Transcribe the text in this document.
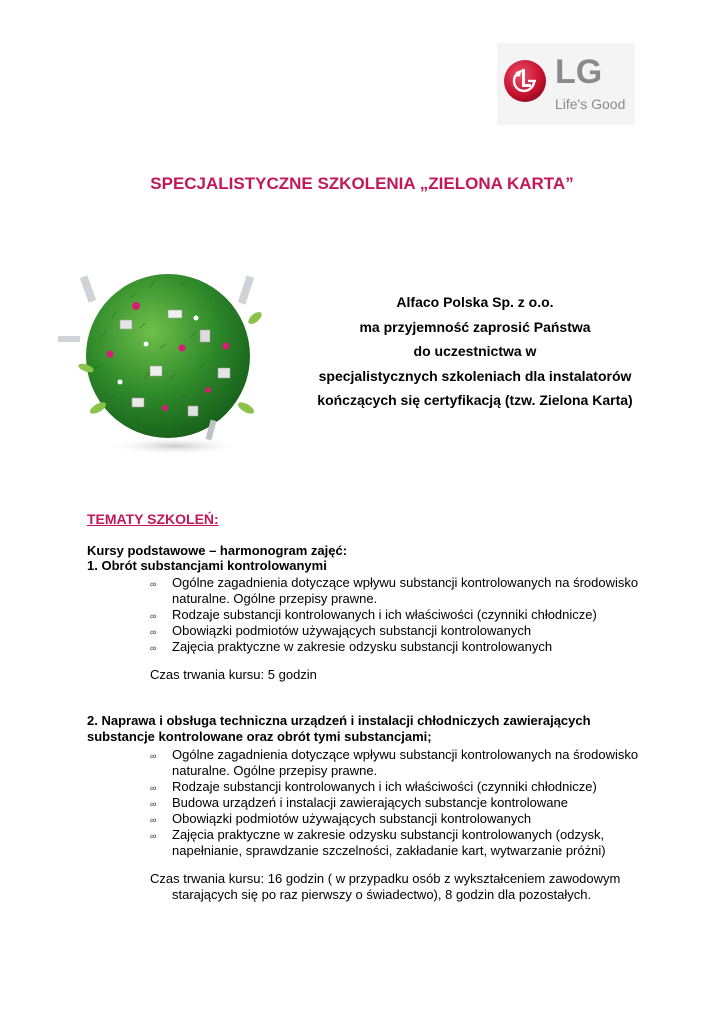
LG
Life's Good
SPECJALISTYCZNE SZKOLENIA „ZIELONA KARTA”
Alfaco Polska Sp. z o.o.
ma przyjemność zaprosić Państwa
do uczestnictwa w
specjalistycznych szkoleniach dla instalatorów
kończących się certyfikacją (tzw. Zielona Karta)
TEMATY SZKOLEŃ:
Kursy podstawowe – harmonogram zajęć:
1. Obrót substancjami kontrolowanymi
∞ Ogólne zagadnienia dotyczące wpływu substancji kontrolowanych na środowisko naturalne. Ogólne przepisy prawne.
∞ Rodzaje substancji kontrolowanych i ich właściwości (czynniki chłodnicze)
∞ Obowiązki podmiotów używających substancji kontrolowanych
∞ Zajęcia praktyczne w zakresie odzysku substancji kontrolowanych
Czas trwania kursu: 5 godzin
2. Naprawa i obsługa techniczna urządzeń i instalacji chłodniczych zawierających substancje kontrolowane oraz obrót tymi substancjami;
∞ Ogólne zagadnienia dotyczące wpływu substancji kontrolowanych na środowisko naturalne. Ogólne przepisy prawne.
∞ Rodzaje substancji kontrolowanych i ich właściwości (czynniki chłodnicze)
∞ Budowa urządzeń i instalacji zawierających substancje kontrolowane
∞ Obowiązki podmiotów używających substancji kontrolowanych
∞ Zajęcia praktyczne w zakresie odzysku substancji kontrolowanych (odzysk, napełnianie, sprawdzanie szczelności, zakładanie kart, wytwarzanie próżni)
Czas trwania kursu: 16 godzin ( w przypadku osób z wykształceniem zawodowym
starających się po raz pierwszy o świadectwo), 8 godzin dla pozostałych.
